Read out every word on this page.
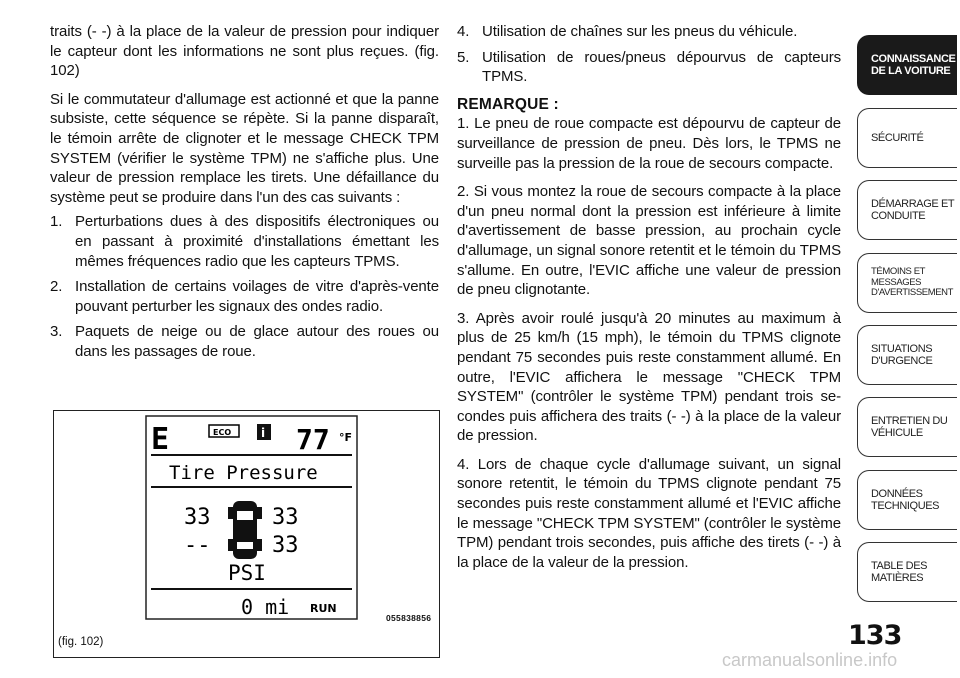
traits (- -) à la place de la valeur de pression pour indiquer le capteur dont les informations ne sont plus reçues. (fig. 102)

Si le commutateur d'allumage est actionné et que la panne subsiste, cette séquence se répète. Si la panne disparaît, le témoin arrête de clignoter et le message CHECK TPM SYSTEM (vérifier le système TPM) ne s'affiche plus. Une valeur de pression remplace les tirets. Une défaillance du système peut se produire dans l'un des cas suivants :

1. Perturbations dues à des dispositifs électroniques ou en passant à proximité d'installations émettant les mêmes fréquences radio que les capteurs TPMS.
2. Installation de certains voilages de vitre d'après-vente pouvant perturber les signaux des ondes radio.
3. Paquets de neige ou de glace autour des roues ou dans les passages de roue.
4. Utilisation de chaînes sur les pneus du véhicule.
5. Utilisation de roues/pneus dépourvus de capteurs TPMS.
REMARQUE :

1. Le pneu de roue compacte est dépourvu de capteur de surveillance de pression de pneu. Dès lors, le TPMS ne surveille pas la pression de la roue de secours compacte.

2. Si vous montez la roue de secours compacte à la place d'un pneu normal dont la pression est inférieure à limite d'avertissement de basse pression, au prochain cycle d'allumage, un signal sonore retentit et le témoin du TPMS s'allume. En outre, l'EVIC affiche une valeur de pression de pneu clignotante.

3. Après avoir roulé jusqu'à 20 minutes au maximum à plus de 25 km/h (15 mph), le témoin du TPMS clignote pendant 75 secondes puis reste constamment allumé. En outre, l'EVIC affichera le message "CHECK TPM SYSTEM" (contrôler le système TPM) pendant trois se-condes puis affichera des traits (- -) à la place de la valeur de pression.

4. Lors de chaque cycle d'allumage suivant, un signal sonore retentit, le témoin du TPMS clignote pendant 75 secondes puis reste constamment allumé et l'EVIC affiche le message "CHECK TPM SYSTEM" (contrôler le système TPM) pendant trois secondes, puis affiche des tirets (- -) à la place de la valeur de la pression.

E	ECO i 77 °F
Tire Pressure
33	33
--	33
PSI
0 mi RUN
055838856
(fig. 102)
CONNAISSANCE DE LA VOITURE
SÉCURITÉ
DÉMARRAGE ET CONDUITE
TÉMOINS ET MESSAGES D'AVERTISSEMENT
SITUATIONS D'URGENCE
ENTRETIEN DU VÉHICULE
DONNÉES TECHNIQUES
TABLE DES MATIÈRES
133
carmanualsonline.info
